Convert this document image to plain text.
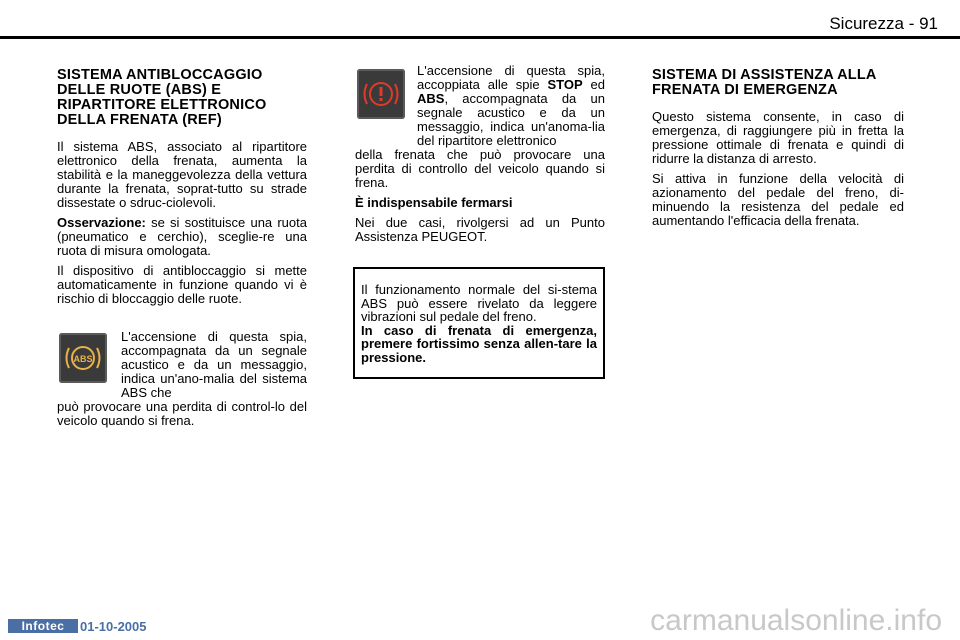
Sicurezza - 91
SISTEMA ANTIBLOCCAGGIO DELLE RUOTE (ABS) E RIPARTITORE ELETTRONICO DELLA FRENATA (REF)

Il sistema ABS, associato al ripartitore elettronico della frenata, aumenta la stabilità e la maneggevolezza della vettura durante la frenata, soprat-tutto su strade dissestate o sdruc-ciolevoli.

Osservazione: se si sostituisce una ruota (pneumatico e cerchio), sceglie-re una ruota di misura omologata.

Il dispositivo di antibloccaggio si mette automaticamente in funzione quando vi è rischio di bloccaggio delle ruote.

L'accensione di questa spia, accompagnata da un segnale acustico e da un messaggio, indica un'ano-malia del sistema ABS che
può provocare una perdita di control-lo del veicolo quando si frena.
ABS

L'accensione di questa spia, accoppiata alle spie STOP ed ABS, accompagnata da un segnale acustico e da un messaggio, indica un'anoma-lia del ripartitore elettronico

della frenata che può provocare una perdita di controllo del veicolo quando si frena.

È indispensabile fermarsi

Nei due casi, rivolgersi ad un Punto Assistenza PEUGEOT.

Il funzionamento normale del si-stema ABS può essere rivelato da leggere vibrazioni sul pedale del freno.

In caso di frenata di emergenza, premere fortissimo senza allen-tare la pressione.

SISTEMA DI ASSISTENZA ALLA FRENATA DI EMERGENZA

Questo sistema consente, in caso di emergenza, di raggiungere più in fretta la pressione ottimale di frenata e quindi di ridurre la distanza di arresto.

Si attiva in funzione della velocità di azionamento del pedale del freno, di-minuendo la resistenza del pedale ed aumentando l'efficacia della frenata.

Infotec	01-10-2005	carmanualsonline.info
